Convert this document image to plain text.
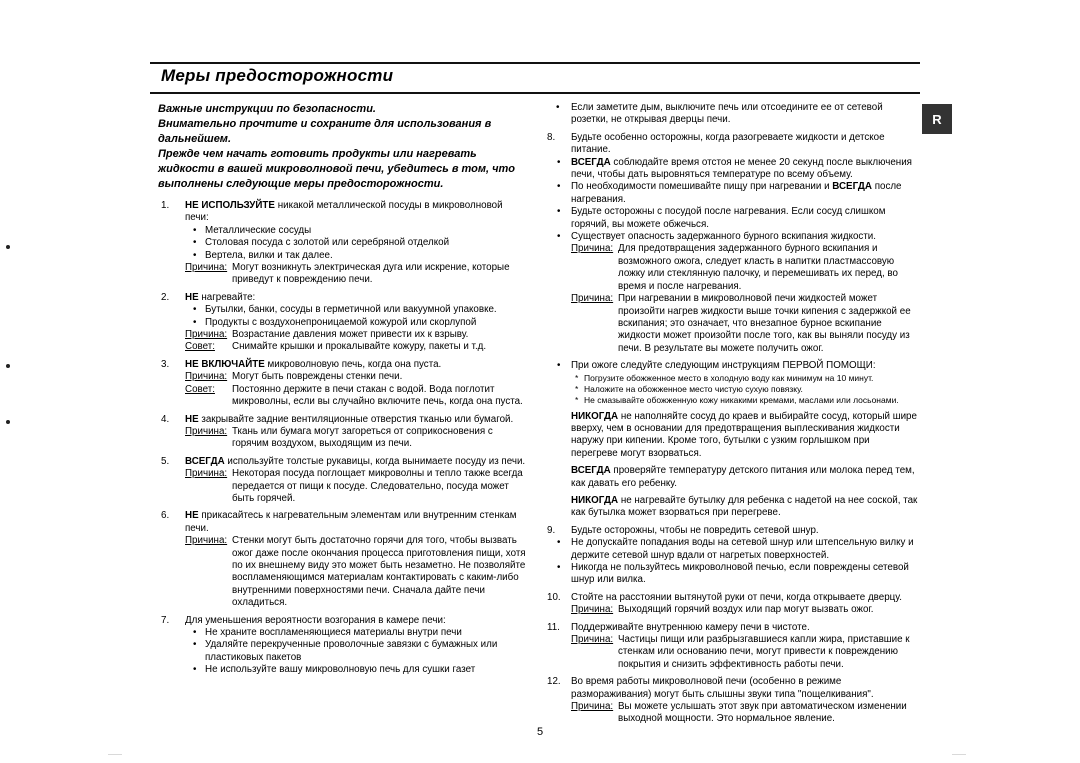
Меры предосторожности
R
Важные инструкции по безопасности.
Внимательно прочтите и сохраните для использования в дальнейшем.
Прежде чем начать готовить продукты или нагревать жидкости в вашей микроволновой печи, убедитесь в том, что выполнены следующие меры предосторожности.
1.	НЕ ИСПОЛЬЗУЙТЕ никакой металлической посуды в микроволновой печи:
• Металлические сосуды
• Столовая посуда с золотой или серебряной отделкой
• Вертела, вилки и так далее.
Причина: Могут возникнуть электрическая дуга или искрение, которые приведут к повреждению печи.
2.	НЕ нагревайте:
• Бутылки, банки, сосуды в герметичной или вакуумной упаковке.
• Продукты с воздухонепроницаемой кожурой или скорлупой
Причина: Возрастание давления может привести их к взрыву.
Совет:	Снимайте крышки и прокалывайте кожуру, пакеты и т.д.
3.	НЕ ВКЛЮЧАЙТЕ микроволновую печь, когда она пуста.
Причина: Могут быть повреждены стенки печи.
Совет:	Постоянно держите в печи стакан с водой. Вода поглотит микроволны, если вы случайно включите печь, когда она пуста.
4.	НЕ закрывайте задние вентиляционные отверстия тканью или бумагой.
Причина: Ткань или бумага могут загореться от соприкосновения с горячим воздухом, выходящим из печи.
5.	ВСЕГДА используйте толстые рукавицы, когда вынимаете посуду из печи.
Причина: Некоторая посуда поглощает микроволны и тепло также всегда передается от пищи к посуде. Следовательно, посуда может быть горячей.
6.	НЕ прикасайтесь к нагревательным элементам или внутренним стенкам печи.
Причина: Стенки могут быть достаточно горячи для того, чтобы вызвать ожог даже после окончания процесса приготовления пищи, хотя по их внешнему виду это может быть незаметно. Не позволяйте воспламеняющимся материалам контактировать с каким-либо внутренними поверхностями печи. Сначала дайте печи охладиться.
7.	Для уменьшения вероятности возгорания в камере печи:
• Не храните воспламеняющиеся материалы внутри печи
• Удаляйте перекрученные проволочные завязки с бумажных или пластиковых пакетов
• Не используйте вашу микроволновую печь для сушки газет
•	Если заметите дым, выключите печь или отсоедините ее от сетевой розетки, не открывая дверцы печи.
8.	Будьте особенно осторожны, когда разогреваете жидкости и детское питание.
•	ВСЕГДА соблюдайте время отстоя не менее 20 секунд после выключения печи, чтобы дать выровняться температуре по всему объему.
•	По необходимости помешивайте пищу при нагревании и ВСЕГДА после нагревания.
•	Будьте осторожны с посудой после нагревания. Если сосуд слишком горячий, вы можете обжечься.
•	Существует опасность задержанного бурного вскипания жидкости.
Причина: Для предотвращения задержанного бурного вскипания и возможного ожога, следует класть в напитки пластмассовую ложку или стеклянную палочку, и перемешивать их перед, во время и после нагревания.
Причина: При нагревании в микроволновой печи жидкостей может произойти нагрев жидкости выше точки кипения с задержкой ее вскипания; это означает, что внезапное бурное вскипание жидкости может произойти после того, как вы выняли посуду из печи. В результате вы можете получить ожог.
•	При ожоге следуйте следующим инструкциям ПЕРВОЙ ПОМОЩИ:
* Погрузите обожженное место в холодную воду как минимум на 10 минут.
* Наложите на обожженное место чистую сухую повязку.
* Не смазывайте обожженную кожу никакими кремами, маслами или лосьонами.
НИКОГДА не наполняйте сосуд до краев и выбирайте сосуд, который шире вверху, чем в основании для предотвращения выплескивания жидкости наружу при кипении. Кроме того, бутылки с узким горлышком при перегреве могут взорваться.
ВСЕГДА проверяйте температуру детского питания или молока перед тем, как давать его ребенку.
НИКОГДА не нагревайте бутылку для ребенка с надетой на нее соской, так как бутылка может взорваться при перегреве.
9.	Будьте осторожны, чтобы не повредить сетевой шнур.
•	Не допускайте попадания воды на сетевой шнур или штепсельную вилку и держите сетевой шнур вдали от нагретых поверхностей.
•	Никогда не пользуйтесь микроволновой печью, если повреждены сетевой шнур или вилка.
10.	Стойте на расстоянии вытянутой руки от печи, когда открываете дверцу.
Причина: Выходящий горячий воздух или пар могут вызвать ожог.
11.	Поддерживайте внутреннюю камеру печи в чистоте.
Причина: Частицы пищи или разбрызгавшиеся капли жира, приставшие к стенкам или основанию печи, могут привести к повреждению покрытия и снизить эффективность работы печи.
12.	Во время работы микроволновой печи (особенно в режиме размораживания) могут быть слышны звуки типа "пощелкивания".
Причина: Вы можете услышать этот звук при автоматическом изменении выходной мощности. Это нормальное явление.
5
